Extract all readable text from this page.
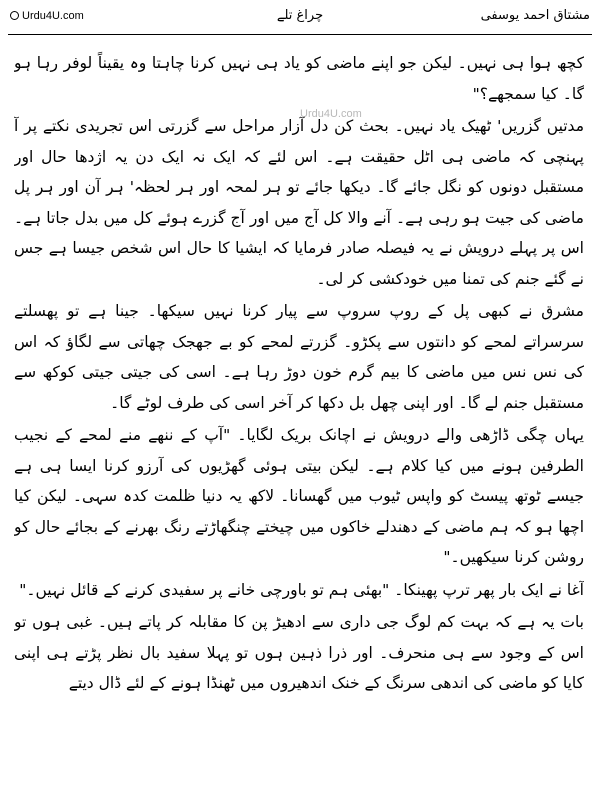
Urdu4U.com	چراغ تلے	مشتاق احمد یوسفی
Urdu4U.com

کچھ ہوا ہی نہیں۔ لیکن جو اپنے ماضی کو یاد ہی نہیں کرنا چاہتا وہ یقیناً لوفر رہا ہو گا۔ کیا سمجھے؟"

مدتیں گزریں' ٹھیک یاد نہیں۔ بحث کن دل آزار مراحل سے گزرتی اس تجریدی نکتے پر آ پہنچی کہ ماضی ہی اٹل حقیقت ہے۔ اس لئے کہ ایک نہ ایک دن یہ اژدھا حال اور مستقبل دونوں کو نگل جائے گا۔ دیکھا جائے تو ہر لمحہ اور ہر لحظہ' ہر آن اور ہر پل ماضی کی جیت ہو رہی ہے۔ آنے والا کل آج میں اور آج گزرے ہوئے کل میں بدل جاتا ہے۔ اس پر پہلے درویش نے یہ فیصلہ صادر فرمایا کہ ایشیا کا حال اس شخص جیسا ہے جس نے گئے جنم کی تمنا میں خودکشی کر لی۔

مشرق نے کبھی پل کے روپ سروپ سے پیار کرنا نہیں سیکھا۔ جینا ہے تو پھسلتے سرسراتے لمحے کو دانتوں سے پکڑو۔ گزرتے لمحے کو بے جھجک چھاتی سے لگاؤ کہ اس کی نس نس میں ماضی کا بیم گرم خون دوڑ رہا ہے۔ اسی کی جیتی جیتی کوکھ سے مستقبل جنم لے گا۔ اور اپنی چھل بل دکھا کر آخر اسی کی طرف لوٹے گا۔

یہاں چگی ڈاڑھی والے درویش نے اچانک بریک لگایا۔ "آپ کے ننھے منے لمحے کے نجیب الطرفین ہونے میں کیا کلام ہے۔ لیکن بیتی ہوئی گھڑیوں کی آرزو کرنا ایسا ہی ہے جیسے ٹوتھ پیسٹ کو واپس ٹیوب میں گھسانا۔ لاکھ یہ دنیا ظلمت کدہ سہی۔ لیکن کیا اچھا ہو کہ ہم ماضی کے دھندلے خاکوں میں چیختے چنگھاڑتے رنگ بھرنے کے بجائے حال کو روشن کرنا سیکھیں۔"

آغا نے ایک بار پھر ترپ پھینکا۔ "بھئی ہم تو باورچی خانے پر سفیدی کرنے کے قائل نہیں۔"

بات یہ ہے کہ بہت کم لوگ جی داری سے ادھیڑ پن کا مقابلہ کر پاتے ہیں۔ غبی ہوں تو اس کے وجود سے ہی منحرف۔ اور ذرا ذہین ہوں تو پہلا سفید بال نظر پڑتے ہی اپنی کایا کو ماضی کی اندھی سرنگ کے خنک اندھیروں میں ٹھنڈا ہونے کے لئے ڈال دیتے
